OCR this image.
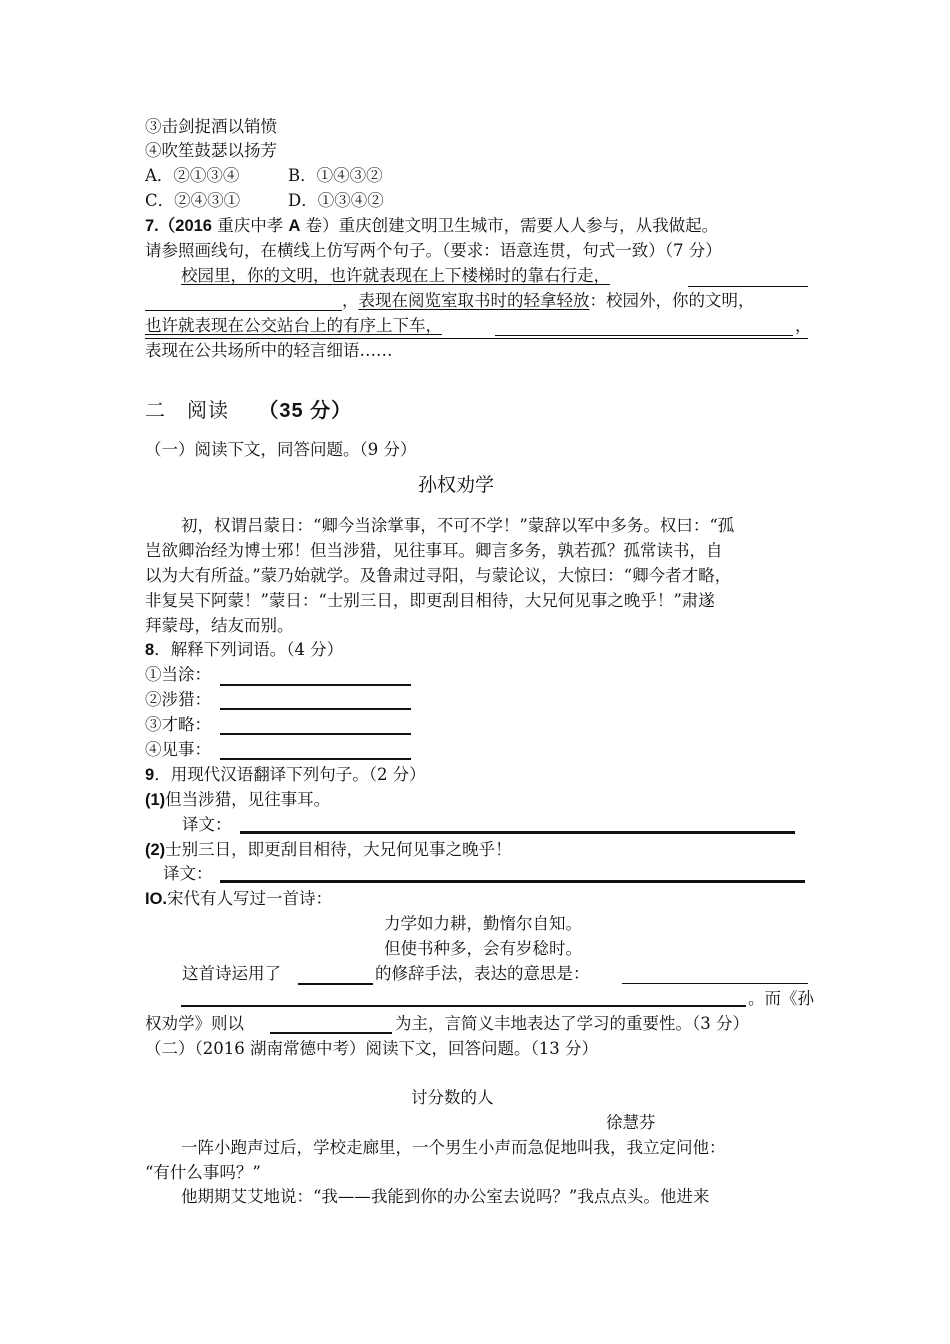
③击剑捉酒以销愤
④吹笙鼓瑟以扬芳
A．②①③④	B．①④③②
C．②④③①	D．①③④②
7.（2016 重庆中孝 A 卷）重庆创建文明卫生城市，需要人人参与，从我做起。
请参照画线句，在横线上仿写两个句子。（要求：语意连贯，句式一致）（7 分）
校园里，你的文明，也许就表现在上下楼梯时的靠右行走，
，表现在阅览室取书时的轻拿轻放：校园外，你的文明，
也许就表现在公交站台上的有序上下车，	，
表现在公共场所中的轻言细语……
二　阅读 （35 分）
（一）阅读下文，同答问题。（9 分）
孙权劝学
初，权谓吕蒙日：“卿今当涂掌事，不可不学！”蒙辞以军中多务。权曰：“孤
岂欲卿治经为博士邪！但当涉猎，见往事耳。卿言多务，孰若孤？孤常读书，自
以为大有所益。”蒙乃始就学。及鲁肃过寻阳，与蒙论议，大惊曰：“卿今者才略，
非复吴下阿蒙！”蒙日：“士别三日，即更刮目相待，大兄何见事之晚乎！”肃遂
拜蒙母，结友而别。
8．解释下列词语。（4 分）
①当涂：
②涉猎：
③才略：
④见事：
9．用现代汉语翻译下列句子。（2 分）
(1)但当涉猎，见往事耳。
译文：
(2)士别三日，即更刮目相待，大兄何见事之晚乎！
译文：
IO.宋代有人写过一首诗：
力学如力耕，勤惰尔自知。
但使书种多，会有岁稔时。
这首诗运用了	的修辞手法，表达的意思是：
。而《孙
权劝学》则以	为主，言简义丰地表达了学习的重要性。（3 分）
（二）（2016 湖南常德中考）阅读下文，回答问题。（13 分）
讨分数的人
徐慧芬
一阵小跑声过后，学校走廊里，一个男生小声而急促地叫我，我立定问他：
“有什么事吗？”
他期期艾艾地说：“我——我能到你的办公室去说吗？”我点点头。他进来
